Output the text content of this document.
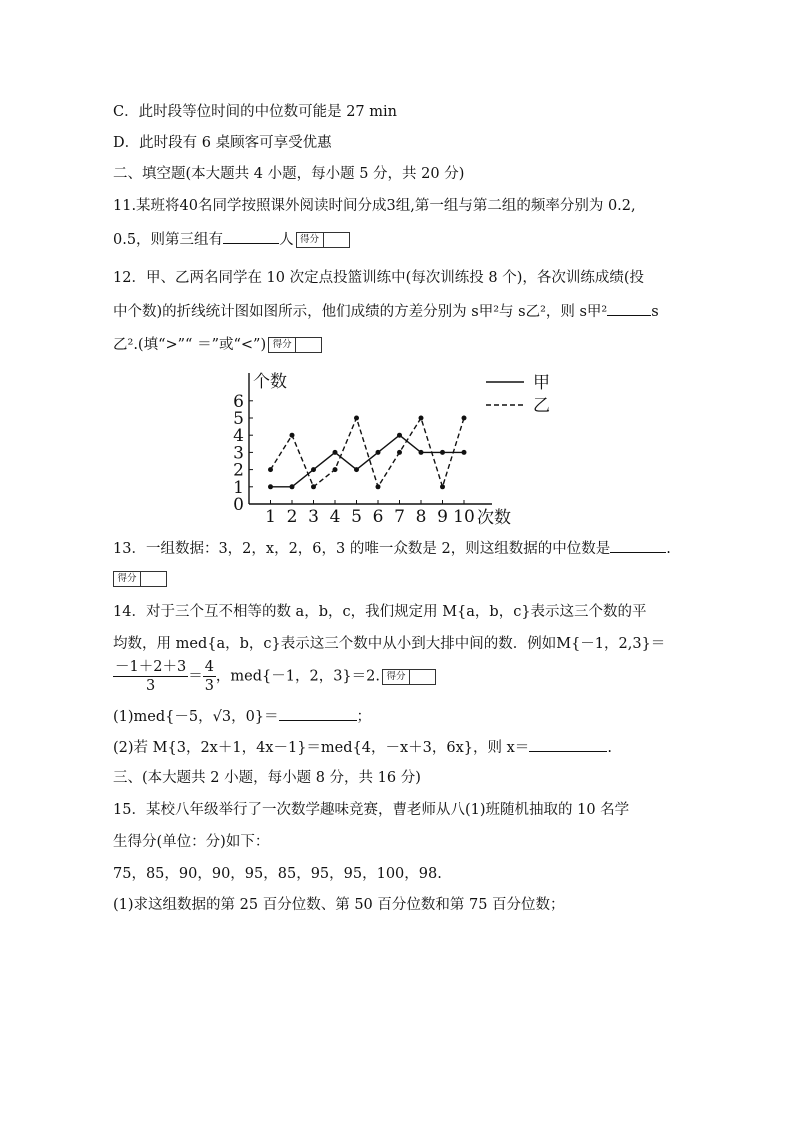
C．此时段等位时间的中位数可能是 27 min
D．此时段有 6 桌顾客可享受优惠
二、填空题(本大题共 4 小题，每小题 5 分，共 20 分)
11.某班将40名同学按照课外阅读时间分成3组,第一组与第二组的频率分别为 0.2,
0.5，则第三组有	人 得分
12．甲、乙两名同学在 10 次定点投篮训练中(每次训练投 8 个)，各次训练成绩(投
中个数)的折线统计图如图所示，他们成绩的方差分别为 s甲²与 s乙²，则 s甲²	s
乙².(填“>”“ ＝”或“<”) 得分
0
1
2
3
4
5
6
1 2 3 4 5 6 7 8 9 10
个数
次数
甲
乙
13．一组数据：3，2，x，2，6，3 的唯一众数是 2，则这组数据的中位数是	.
得分
14．对于三个互不相等的数 a，b，c，我们规定用 M{a，b，c}表示这三个数的平
均数，用 med{a，b，c}表示这三个数中从小到大排中间的数．例如M{－1，2,3}＝
$\frac{-1+2+3}{3} = \frac{4}{3}$ ，med{－1，2，3}＝2. 得分
(1)med{－5，√3，0}＝	；
(2)若 M{3，2x＋1，4x－1}＝med{4，－x＋3，6x}，则 x＝	.
三、(本大题共 2 小题，每小题 8 分，共 16 分)
15．某校八年级举行了一次数学趣味竞赛，曹老师从八(1)班随机抽取的 10 名学
生得分(单位：分)如下：
75，85，90，90，95，85，95，95，100，98.
(1)求这组数据的第 25 百分位数、第 50 百分位数和第 75 百分位数；
